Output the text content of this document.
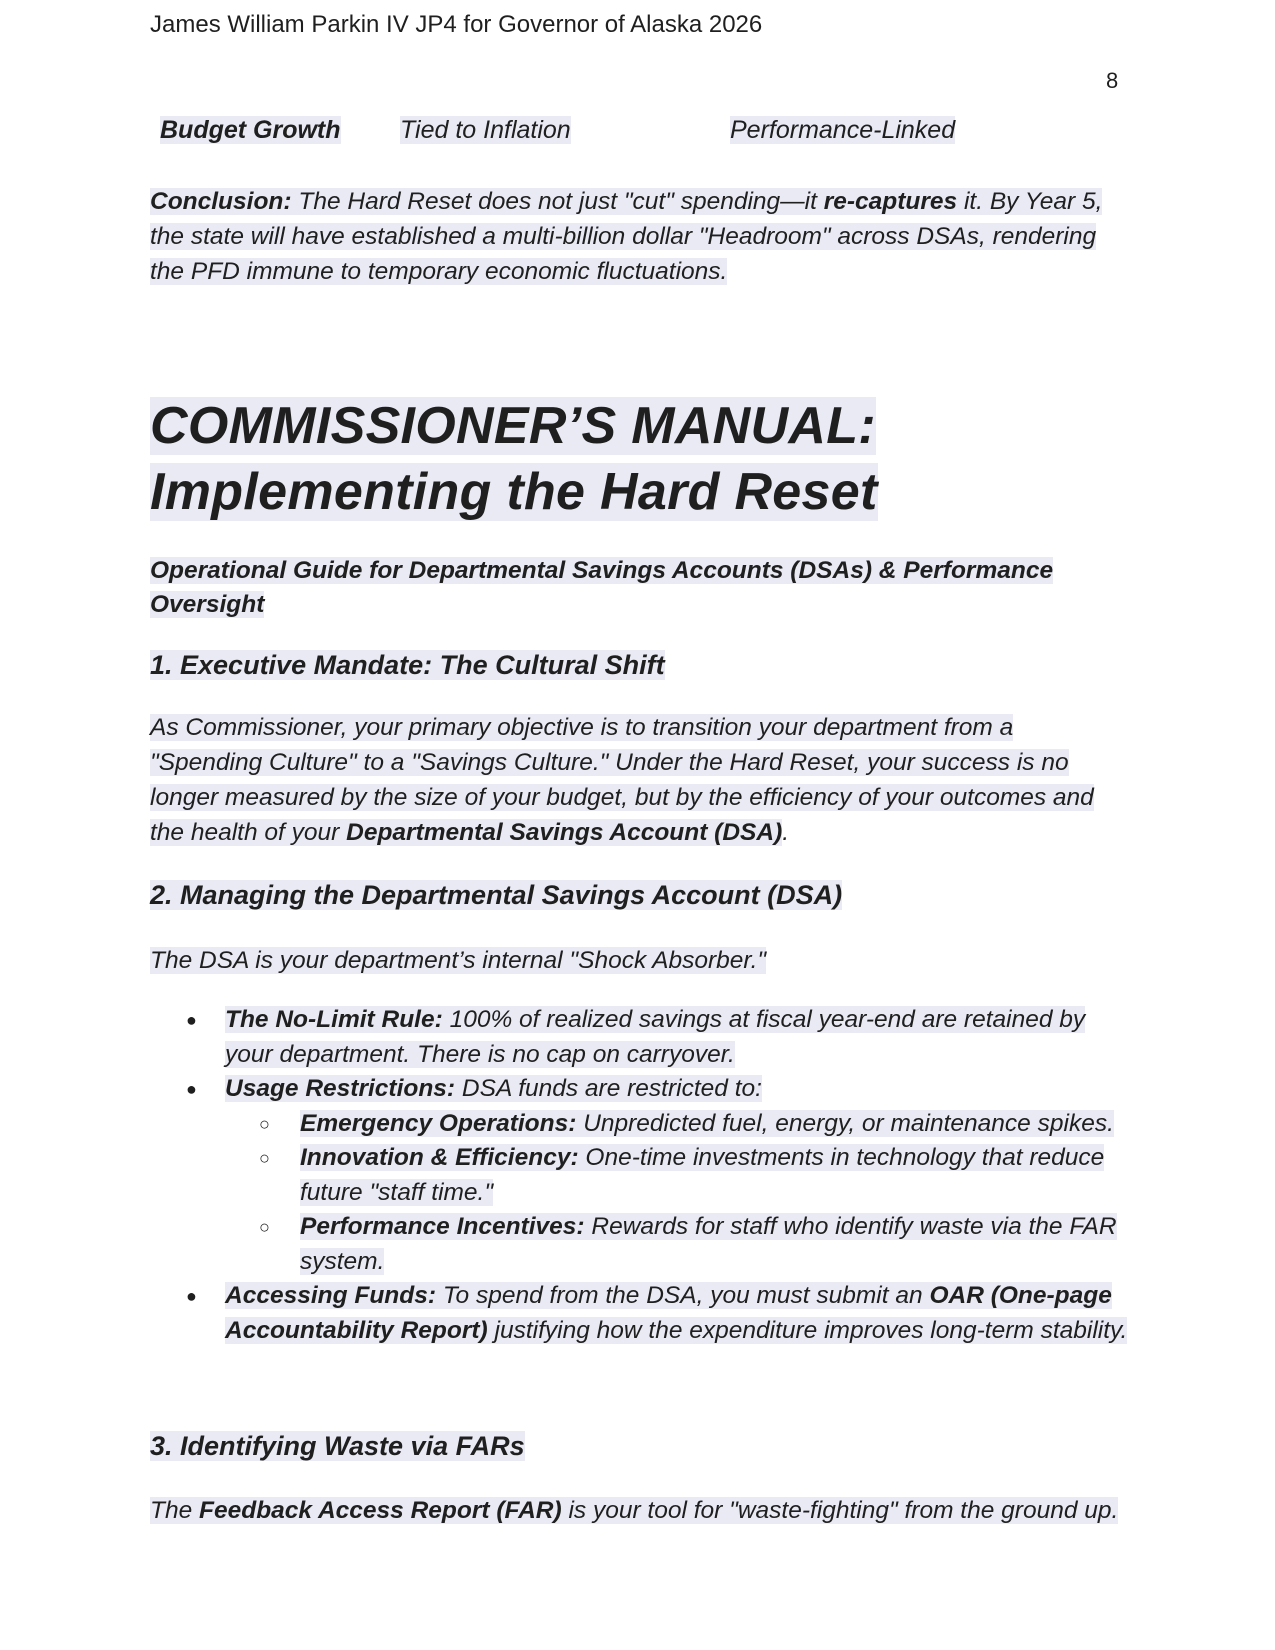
James William Parkin IV JP4 for Governor of Alaska 2026
8
Budget Growth Tied to Inflation	Performance-Linked
Conclusion: The Hard Reset does not just "cut" spending—it re-captures it. By Year 5, the state will have established a multi-billion dollar "Headroom" across DSAs, rendering the PFD immune to temporary economic fluctuations.
COMMISSIONER’S MANUAL:
Implementing the Hard Reset
Operational Guide for Departmental Savings Accounts (DSAs) & Performance Oversight
1. Executive Mandate: The Cultural Shift
As Commissioner, your primary objective is to transition your department from a "Spending Culture" to a "Savings Culture." Under the Hard Reset, your success is no longer measured by the size of your budget, but by the efficiency of your outcomes and the health of your Departmental Savings Account (DSA).
2. Managing the Departmental Savings Account (DSA)
The DSA is your department’s internal "Shock Absorber."
● The No-Limit Rule: 100% of realized savings at fiscal year-end are retained by your department. There is no cap on carryover.
● Usage Restrictions: DSA funds are restricted to:
○ Emergency Operations: Unpredicted fuel, energy, or maintenance spikes.
○ Innovation & Efficiency: One-time investments in technology that reduce future "staff time."
○ Performance Incentives: Rewards for staff who identify waste via the FAR system.
● Accessing Funds: To spend from the DSA, you must submit an OAR (One-page Accountability Report) justifying how the expenditure improves long-term stability.
3. Identifying Waste via FARs
The Feedback Access Report (FAR) is your tool for "waste-fighting" from the ground up.
